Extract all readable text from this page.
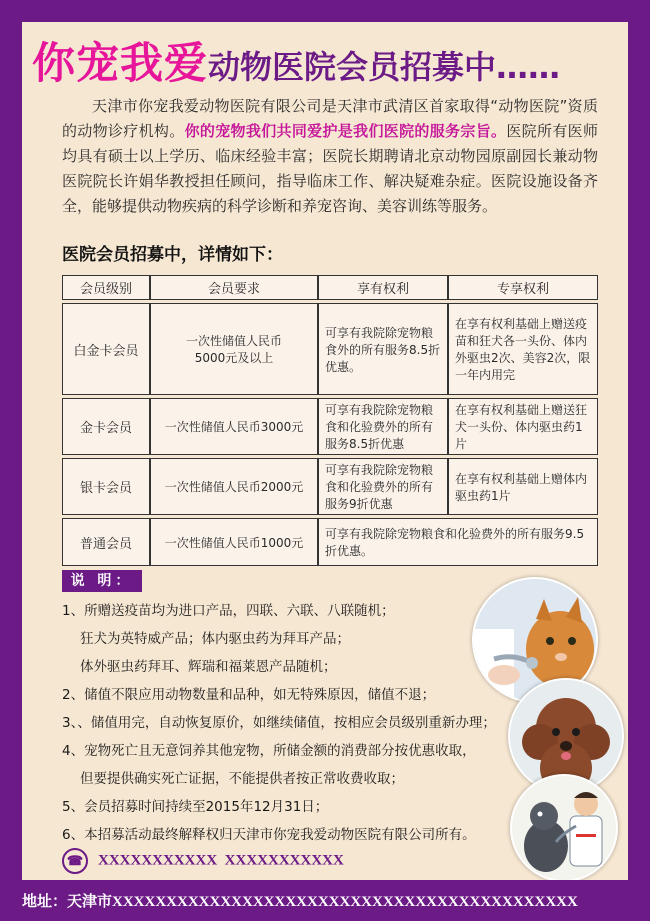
你宠我爱动物医院会员招募中……
天津市你宠我爱动物医院有限公司是天津市武清区首家取得“动物医院”资质的动物诊疗机构。你的宠物我们共同爱护是我们医院的服务宗旨。医院所有医师均具有硕士以上学历、临床经验丰富；医院长期聘请北京动物园原副园长兼动物医院院长许娟华教授担任顾问，指导临床工作、解决疑难杂症。医院设施设备齐全，能够提供动物疾病的科学诊断和养宠咨询、美容训练等服务。
医院会员招募中，详情如下：
会员级别	会员要求	享有权利	专享权利
白金卡会员	一次性储值人民币5000元及以上	可享有我院除宠物粮食外的所有服务8.5折优惠。	在享有权利基础上赠送疫苗和狂犬各一头份、体内外驱虫2次、美容2次，限一年内用完
金卡会员	一次性储值人民币3000元	可享有我院除宠物粮食和化验费外的所有服务8.5折优惠	在享有权利基础上赠送狂犬一头份、体内驱虫药1片
银卡会员	一次性储值人民币2000元	可享有我院除宠物粮食和化验费外的所有服务9折优惠	在享有权利基础上赠体内驱虫药1片
普通会员	一次性储值人民币1000元	可享有我院除宠物粮食和化验费外的所有服务9.5折优惠。	
说 明：
1、所赠送疫苗均为进口产品，四联、六联、八联随机；
狂犬为英特威产品；体内驱虫药为拜耳产品；
体外驱虫药拜耳、辉瑞和福莱恩产品随机；
2、储值不限应用动物数量和品种，如无特殊原因，储值不退；
3、、储值用完，自动恢复原价，如继续储值，按相应会员级别重新办理；
4、宠物死亡且无意饲养其他宠物，所储金额的消费部分按优惠收取，
但要提供确实死亡证据，不能提供者按正常收费收取；
5、会员招募时间持续至2015年12月31日；
6、本招募活动最终解释权归天津市你宠我爱动物医院有限公司所有。
☎ XXXXXXXXXXX XXXXXXXXXXX
地址：天津市XXXXXXXXXXXXXXXXXXXXXXXXXXXXXXXXXXXXXXXXXXX
